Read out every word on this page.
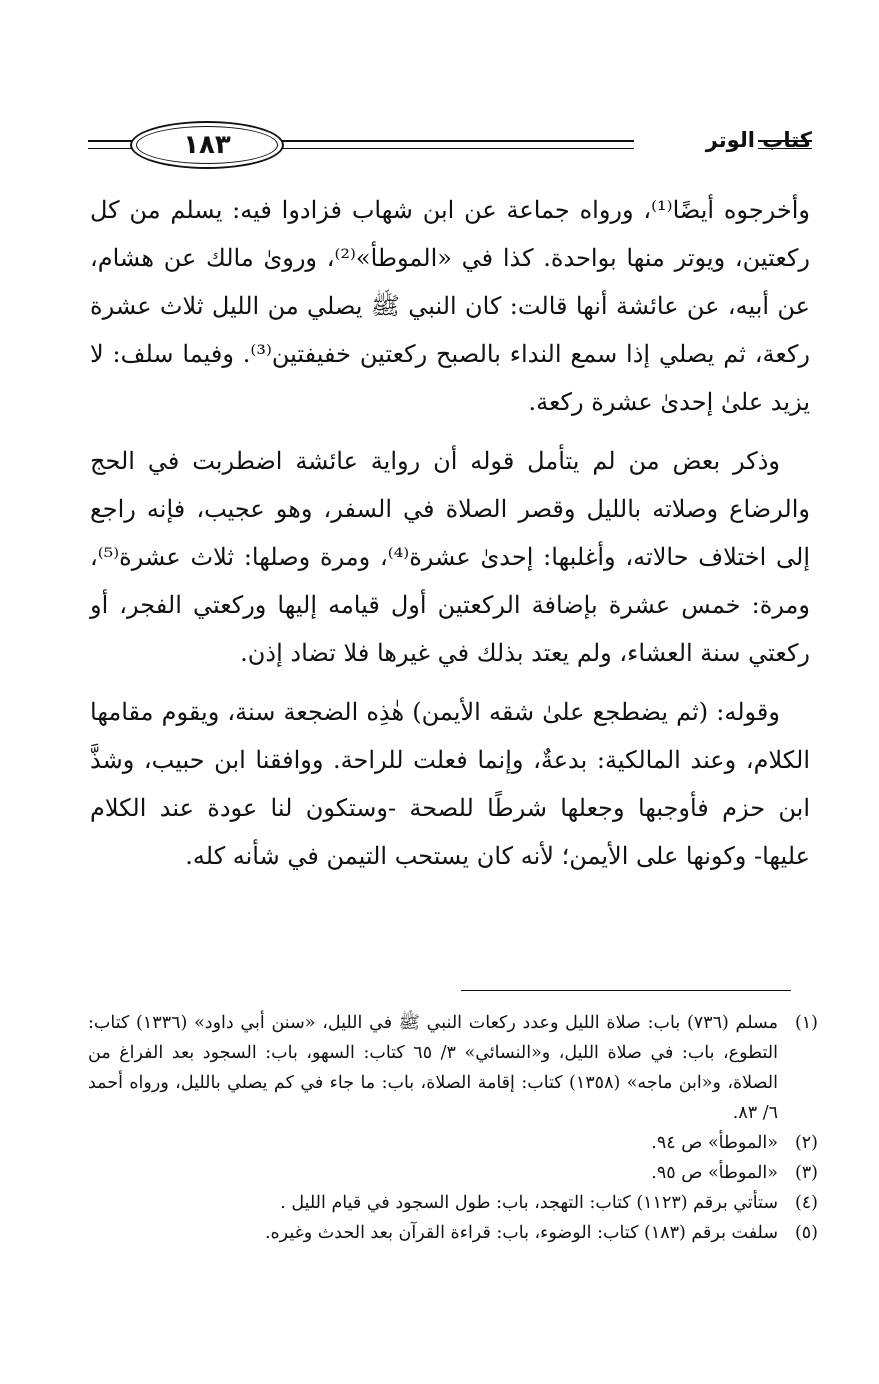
كتاب الوتر
١٨٣

وأخرجوه أيضًا⁽¹⁾، ورواه جماعة عن ابن شهاب فزادوا فيه: يسلم من كل ركعتين، ويوتر منها بواحدة. كذا في «الموطأ»⁽²⁾، وروىٰ مالك عن هشام، عن أبيه، عن عائشة أنها قالت: كان النبي ﷺ يصلي من الليل ثلاث عشرة ركعة، ثم يصلي إذا سمع النداء بالصبح ركعتين خفيفتين⁽³⁾. وفيما سلف: لا يزيد علىٰ إحدىٰ عشرة ركعة.

وذكر بعض من لم يتأمل قوله أن رواية عائشة اضطربت في الحج والرضاع وصلاته بالليل وقصر الصلاة في السفر، وهو عجيب، فإنه راجع إلى اختلاف حالاته، وأغلبها: إحدىٰ عشرة⁽⁴⁾، ومرة وصلها: ثلاث عشرة⁽⁵⁾، ومرة: خمس عشرة بإضافة الركعتين أول قيامه إليها وركعتي الفجر، أو ركعتي سنة العشاء، ولم يعتد بذلك في غيرها فلا تضاد إذن.

وقوله: (ثم يضطجع علىٰ شقه الأيمن) هٰذِه الضجعة سنة، ويقوم مقامها الكلام، وعند المالكية: بدعةٌ، وإنما فعلت للراحة. ووافقنا ابن حبيب، وشذَّ ابن حزم فأوجبها وجعلها شرطًا للصحة -وستكون لنا عودة عند الكلام عليها- وكونها على الأيمن؛ لأنه كان يستحب التيمن في شأنه كله.

(١)
مسلم (٧٣٦) باب: صلاة الليل وعدد ركعات النبي ﷺ في الليل، «سنن أبي داود» (١٣٣٦) كتاب: التطوع، باب: في صلاة الليل، و«النسائي» ٣/ ٦٥ كتاب: السهو، باب: السجود بعد الفراغ من الصلاة، و«ابن ماجه» (١٣٥٨) كتاب: إقامة الصلاة، باب: ما جاء في كم يصلي بالليل، ورواه أحمد ٦/ ٨٣.
(٢)
«الموطأ» ص ٩٤.
(٣)
«الموطأ» ص ٩٥.
(٤)
ستأتي برقم (١١٢٣) كتاب: التهجد، باب: طول السجود في قيام الليل .
(٥)
سلفت برقم (١٨٣) كتاب: الوضوء، باب: قراءة القرآن بعد الحدث وغيره.
